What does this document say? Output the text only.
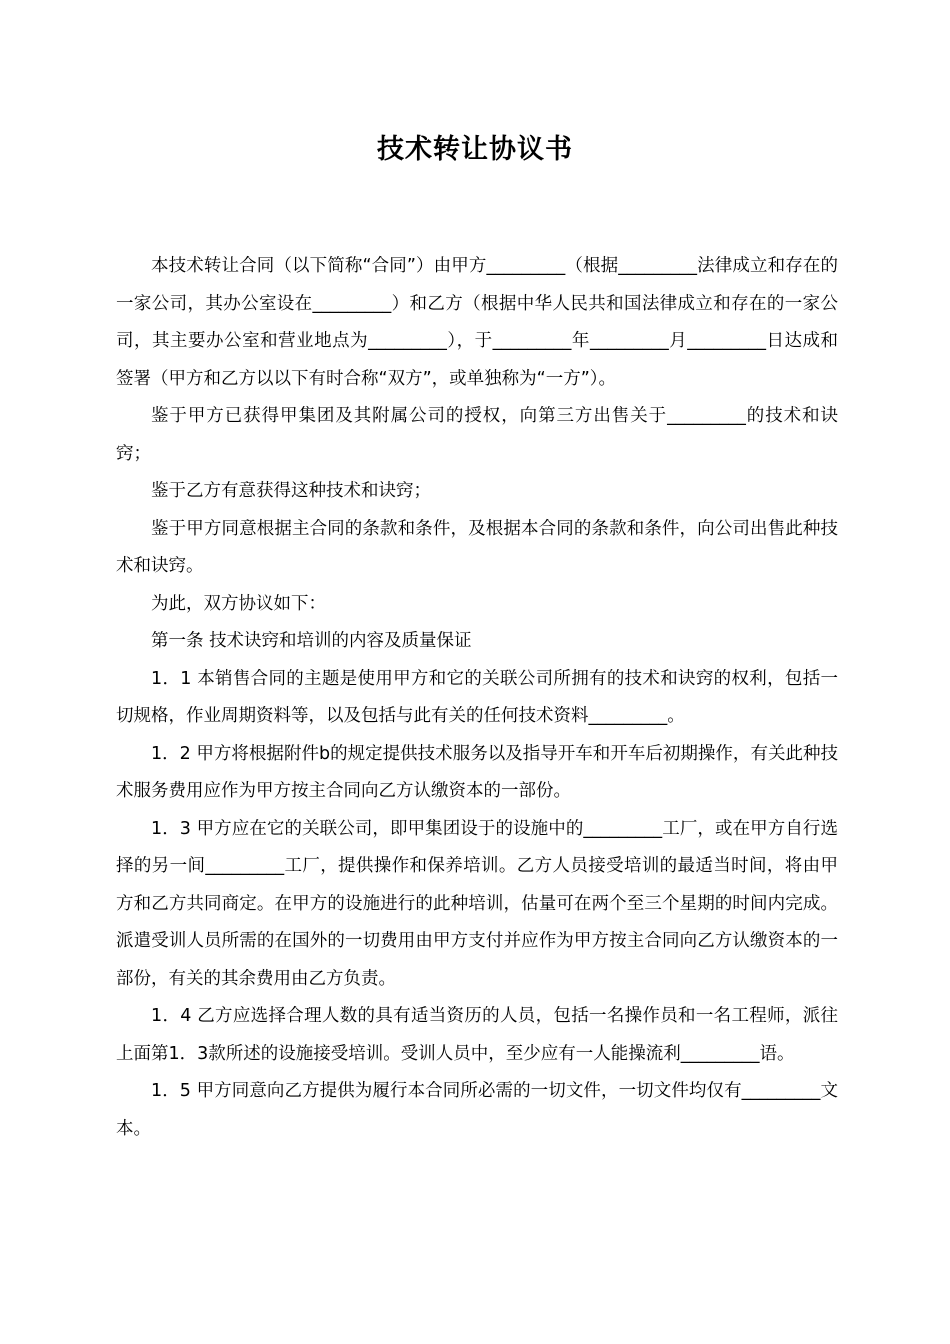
技术转让协议书

本技术转让合同（以下简称“合同”）由甲方_________（根据_________法律成立和存在的一家公司，其办公室设在_________）和乙方（根据中华人民共和国法律成立和存在的一家公司，其主要办公室和营业地点为_________），于_________年_________月_________日达成和签署（甲方和乙方以以下有时合称“双方”，或单独称为“一方”）。

鉴于甲方已获得甲集团及其附属公司的授权，向第三方出售关于_________的技术和诀窍；

鉴于乙方有意获得这种技术和诀窍；

鉴于甲方同意根据主合同的条款和条件，及根据本合同的条款和条件，向公司出售此种技术和诀窍。

为此，双方协议如下：

第一条 技术诀窍和培训的内容及质量保证

1．1 本销售合同的主题是使用甲方和它的关联公司所拥有的技术和诀窍的权利，包括一切规格，作业周期资料等，以及包括与此有关的任何技术资料_________。

1．2 甲方将根据附件b的规定提供技术服务以及指导开车和开车后初期操作，有关此种技术服务费用应作为甲方按主合同向乙方认缴资本的一部份。

1．3 甲方应在它的关联公司，即甲集团设于的设施中的_________工厂，或在甲方自行选择的另一间_________工厂，提供操作和保养培训。乙方人员接受培训的最适当时间，将由甲方和乙方共同商定。在甲方的设施进行的此种培训，估量可在两个至三个星期的时间内完成。派遣受训人员所需的在国外的一切费用由甲方支付并应作为甲方按主合同向乙方认缴资本的一部份，有关的其余费用由乙方负责。

1．4 乙方应选择合理人数的具有适当资历的人员，包括一名操作员和一名工程师，派往上面第1．3款所述的设施接受培训。受训人员中，至少应有一人能操流利_________语。

1．5 甲方同意向乙方提供为履行本合同所必需的一切文件，一切文件均仅有_________文本。
